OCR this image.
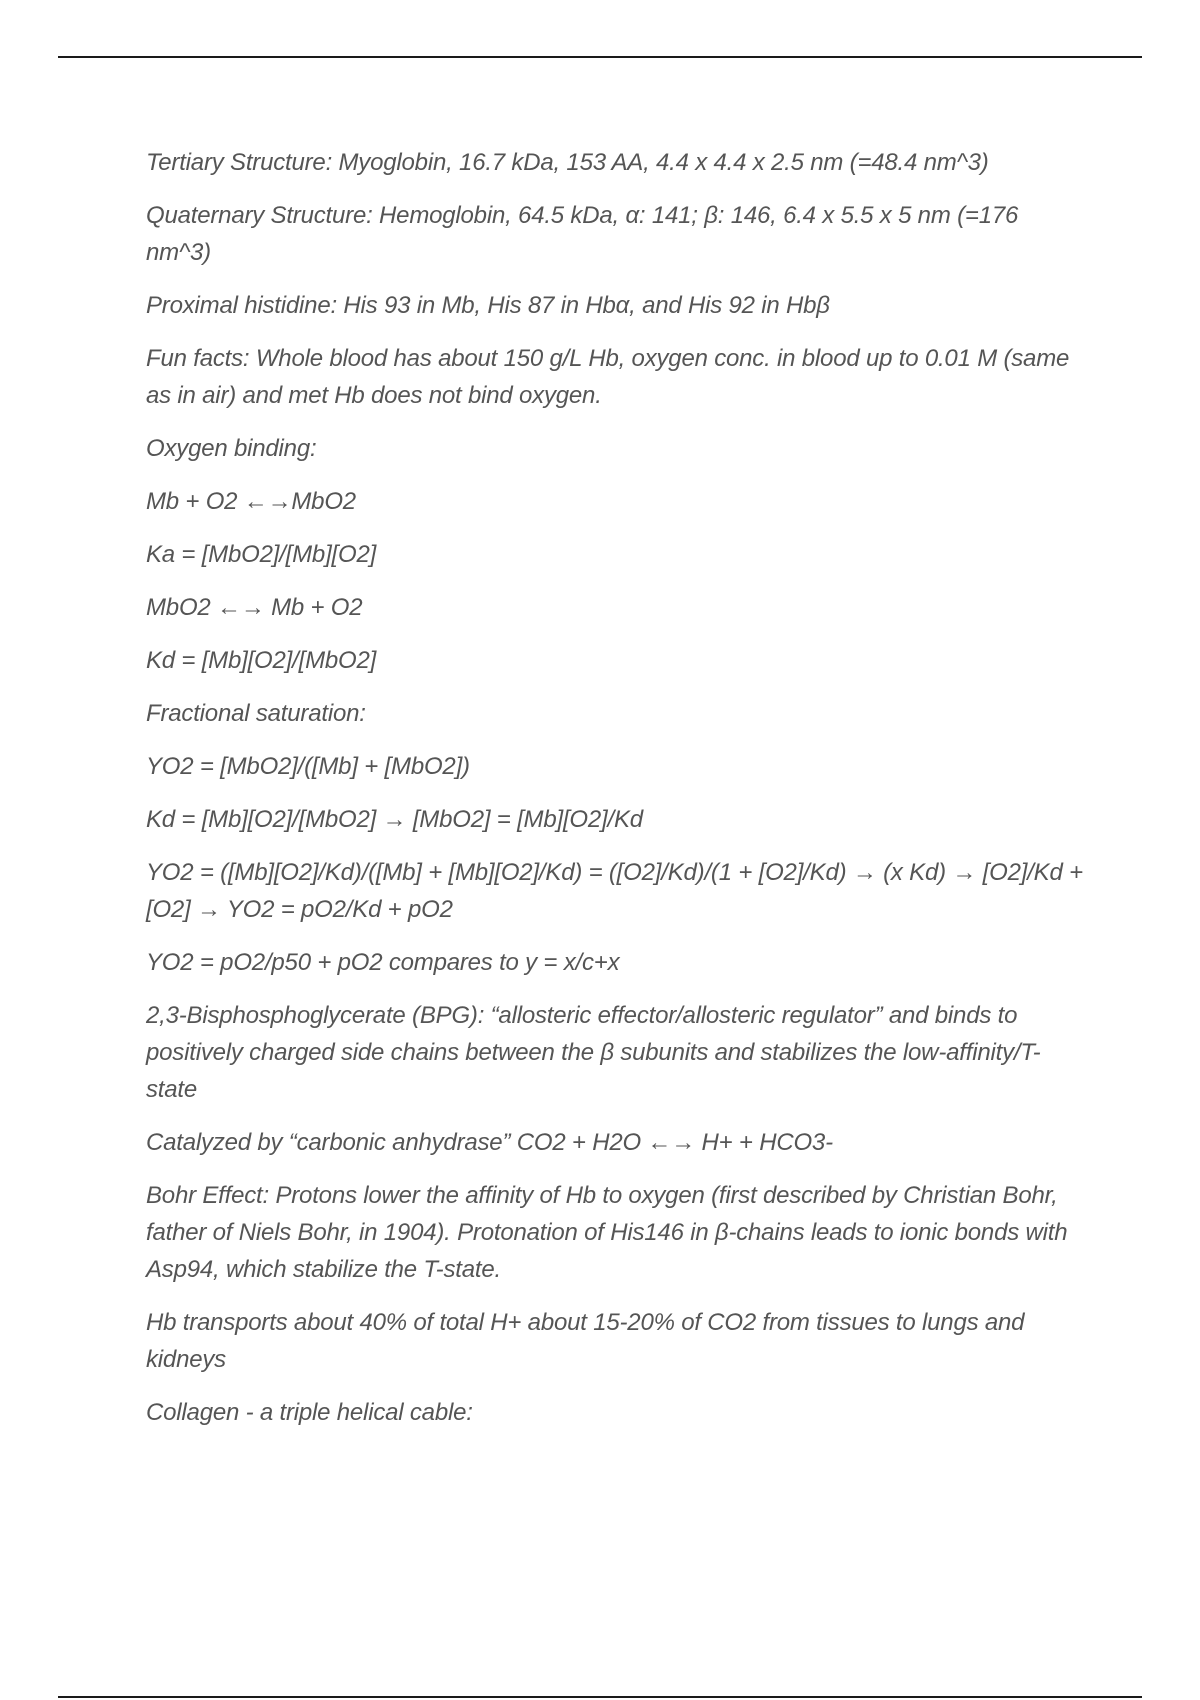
Tertiary Structure: Myoglobin, 16.7 kDa, 153 AA, 4.4 x 4.4 x 2.5 nm (=48.4 nm^3)

Quaternary Structure: Hemoglobin, 64.5 kDa, α: 141; β: 146, 6.4 x 5.5 x 5 nm (=176 nm^3)

Proximal histidine: His 93 in Mb, His 87 in Hbα, and His 92 in Hbβ

Fun facts: Whole blood has about 150 g/L Hb, oxygen conc. in blood up to 0.01 M (same as in air) and met Hb does not bind oxygen.

Oxygen binding:

Mb + O2 ←→MbO2

Ka = [MbO2]/[Mb][O2]

MbO2 ←→ Mb + O2

Kd = [Mb][O2]/[MbO2]

Fractional saturation:

YO2 = [MbO2]/([Mb] + [MbO2])

Kd = [Mb][O2]/[MbO2] → [MbO2] = [Mb][O2]/Kd

YO2 = ([Mb][O2]/Kd)/([Mb] + [Mb][O2]/Kd) = ([O2]/Kd)/(1 + [O2]/Kd) → (x Kd) → [O2]/Kd + [O2] → YO2 = pO2/Kd + pO2

YO2 = pO2/p50 + pO2 compares to y = x/c+x

2,3-Bisphosphoglycerate (BPG): “allosteric effector/allosteric regulator” and binds to positively charged side chains between the β subunits and stabilizes the low-affinity/T-state

Catalyzed by “carbonic anhydrase” CO2 + H2O ←→ H+ + HCO3-

Bohr Effect: Protons lower the affinity of Hb to oxygen (first described by Christian Bohr, father of Niels Bohr, in 1904). Protonation of His146 in β-chains leads to ionic bonds with Asp94, which stabilize the T-state.

Hb transports about 40% of total H+ about 15-20% of CO2 from tissues to lungs and kidneys

Collagen - a triple helical cable:
